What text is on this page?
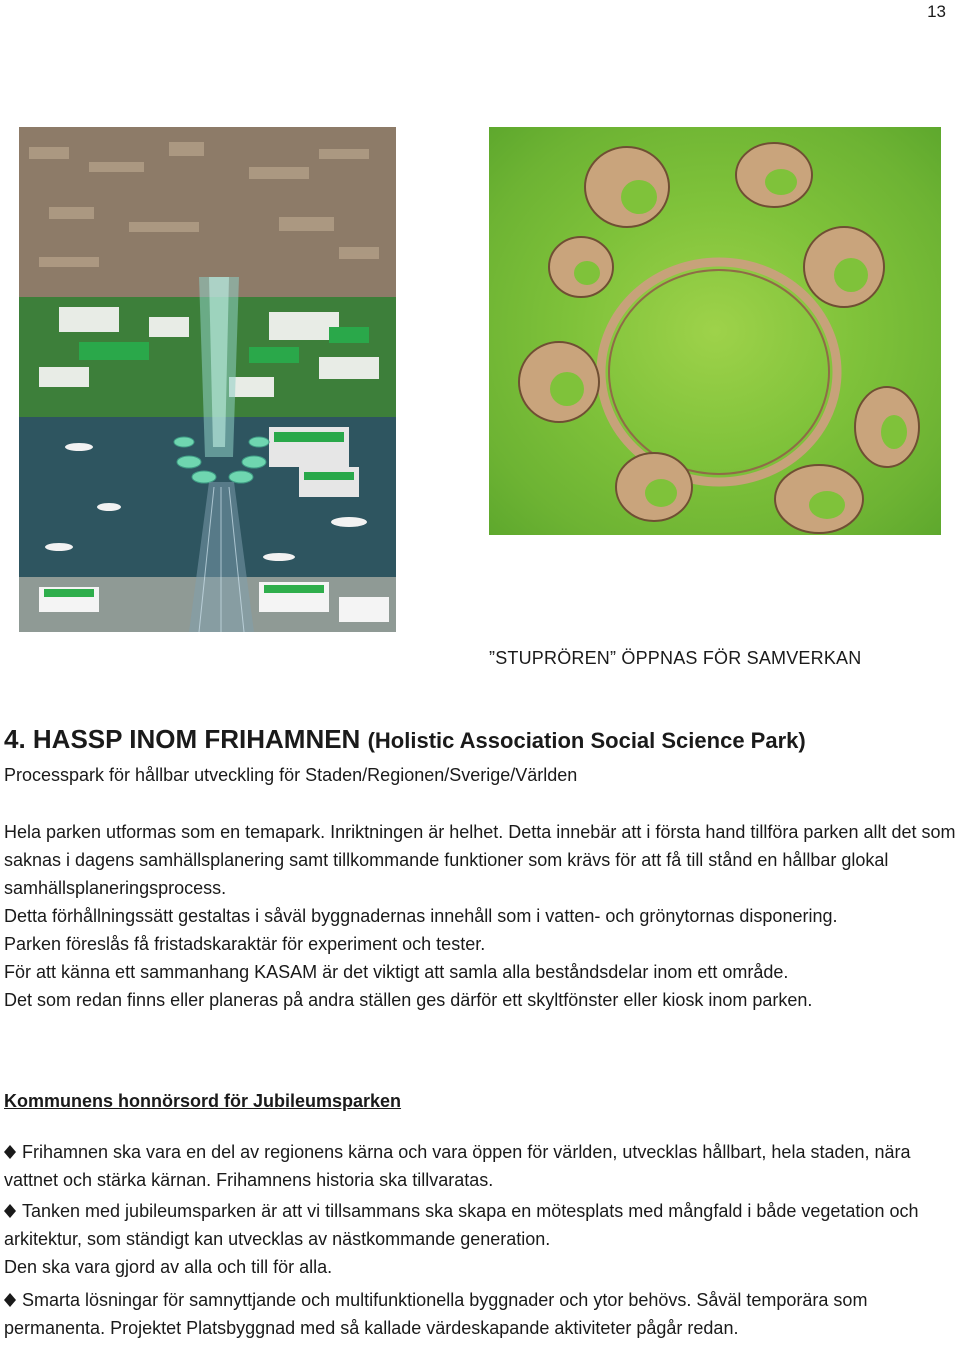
13
”STUPRÖREN” ÖPPNAS FÖR SAMVERKAN
4. HASSP INOM FRIHAMNEN (Holistic Association Social Science Park)
Processpark för hållbar utveckling för Staden/Regionen/Sverige/Världen
Hela parken utformas som en temapark. Inriktningen är helhet. Detta innebär att i första hand tillföra parken allt det som saknas i dagens samhällsplanering samt tillkommande funktioner som krävs för att få till stånd en hållbar glokal samhällsplaneringsprocess.
Detta förhållningssätt gestaltas i såväl byggnadernas innehåll som i vatten- och grönytornas disponering.
Parken föreslås få fristadskaraktär för experiment och tester.
För att känna ett sammanhang KASAM är det viktigt att samla alla beståndsdelar inom ett område.
Det som redan finns eller planeras på andra ställen ges därför ett skyltfönster eller kiosk inom parken.
Kommunens honnörsord för Jubileumsparken
Frihamnen ska vara en del av regionens kärna och vara öppen för världen, utvecklas hållbart, hela staden, nära vattnet och stärka kärnan. Frihamnens historia ska tillvaratas.
Tanken med jubileumsparken är att vi tillsammans ska skapa en mötesplats med mångfald i både vegetation och arkitektur, som ständigt kan utvecklas av nästkommande generation.
Den ska vara gjord av alla och till för alla.
Smarta lösningar för samnyttjande och multifunktionella byggnader och ytor behövs. Såväl temporära som permanenta. Projektet Platsbyggnad med så kallade värdeskapande aktiviteter pågår redan.
